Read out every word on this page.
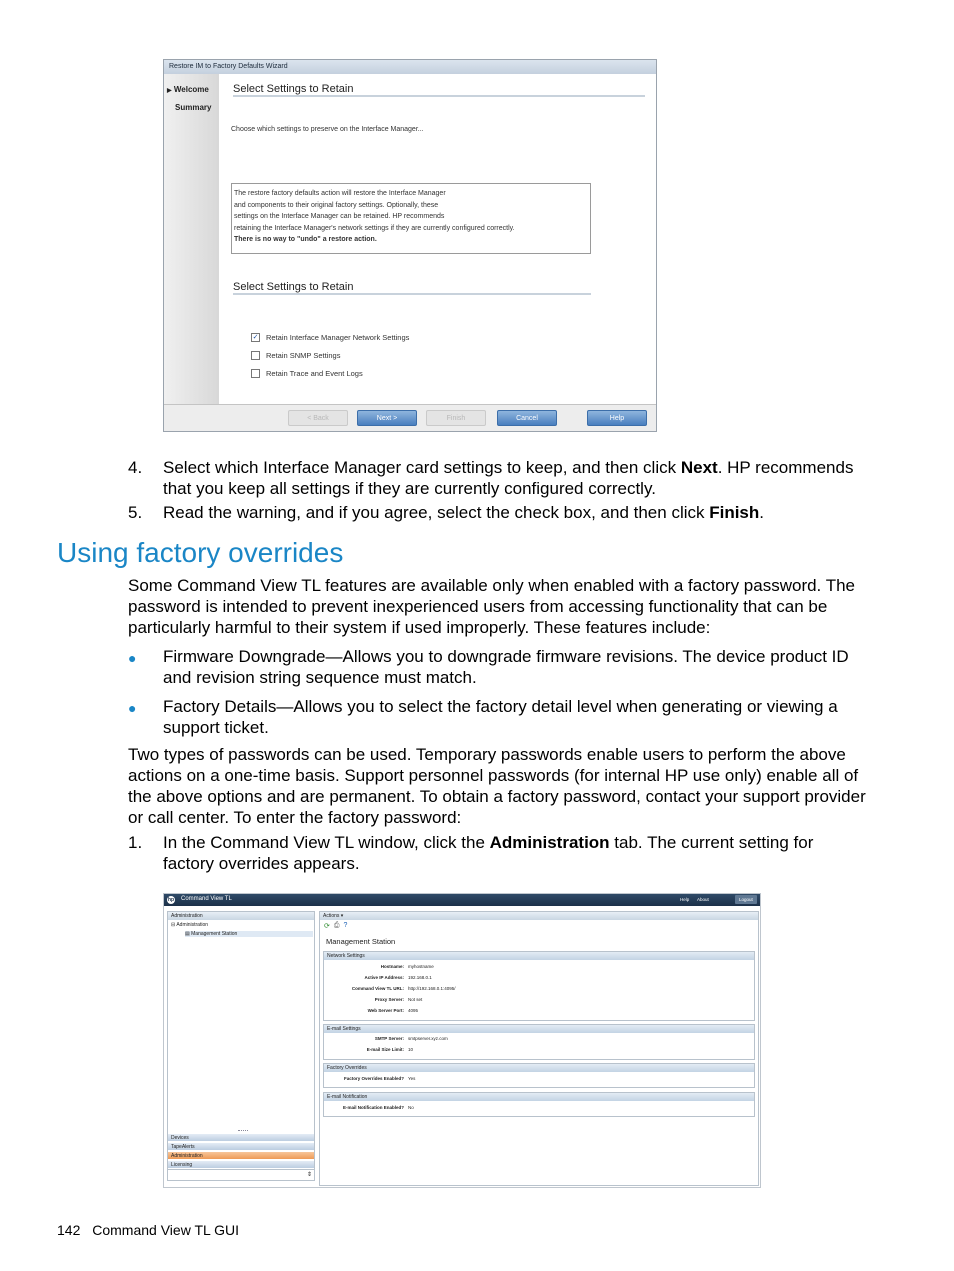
Restore IM to Factory Defaults Wizard
▶ Welcome
Summary
Select Settings to Retain
Choose which settings to preserve on the Interface Manager...
The restore factory defaults action will restore the Interface Manager
and components to their original factory settings. Optionally, these
settings on the Interface Manager can be retained. HP recommends
retaining the Interface Manager's network settings if they are currently configured correctly.
There is no way to "undo" a restore action.
Select Settings to Retain
✓ Retain Interface Manager Network Settings
Retain SNMP Settings
Retain Trace and Event Logs
< Back	Next >	Finish	Cancel	Help
4. Select which Interface Manager card settings to keep, and then click Next. HP recommends that you keep all settings if they are currently configured correctly.
5. Read the warning, and if you agree, select the check box, and then click Finish.
Using factory overrides
Some Command View TL features are available only when enabled with a factory password. The password is intended to prevent inexperienced users from accessing functionality that can be particularly harmful to their system if used improperly. These features include:
● Firmware Downgrade—Allows you to downgrade firmware revisions. The device product ID and revision string sequence must match.
● Factory Details—Allows you to select the factory detail level when generating or viewing a support ticket.
Two types of passwords can be used. Temporary passwords enable users to perform the above actions on a one-time basis. Support personnel passwords (for internal HP use only) enable all of the above options and are permanent. To obtain a factory password, contact your support provider or call center. To enter the factory password:
1. In the Command View TL window, click the Administration tab. The current setting for factory overrides appears.
hp Command View TL	Help About	Logout
Administration
⊟ Administration
▤ Management Station
Devices
TapeAlerts
Administration
Licensing
⇕
Actions ▾
⟳ ⎙ ?
Management Station
Network Settings
Hostname: myhostname
Active IP Address: 192.168.0.1
Command View TL URL: http://192.168.0.1:4095/
Proxy Server: Not set
Web Server Port: 4095
E-mail Settings
SMTP Server: smtpserver.xyz.com
E-mail Size Limit: 10
Factory Overrides
Factory Overrides Enabled? Yes
E-mail Notification
E-mail Notification Enabled? No
142 Command View TL GUI
